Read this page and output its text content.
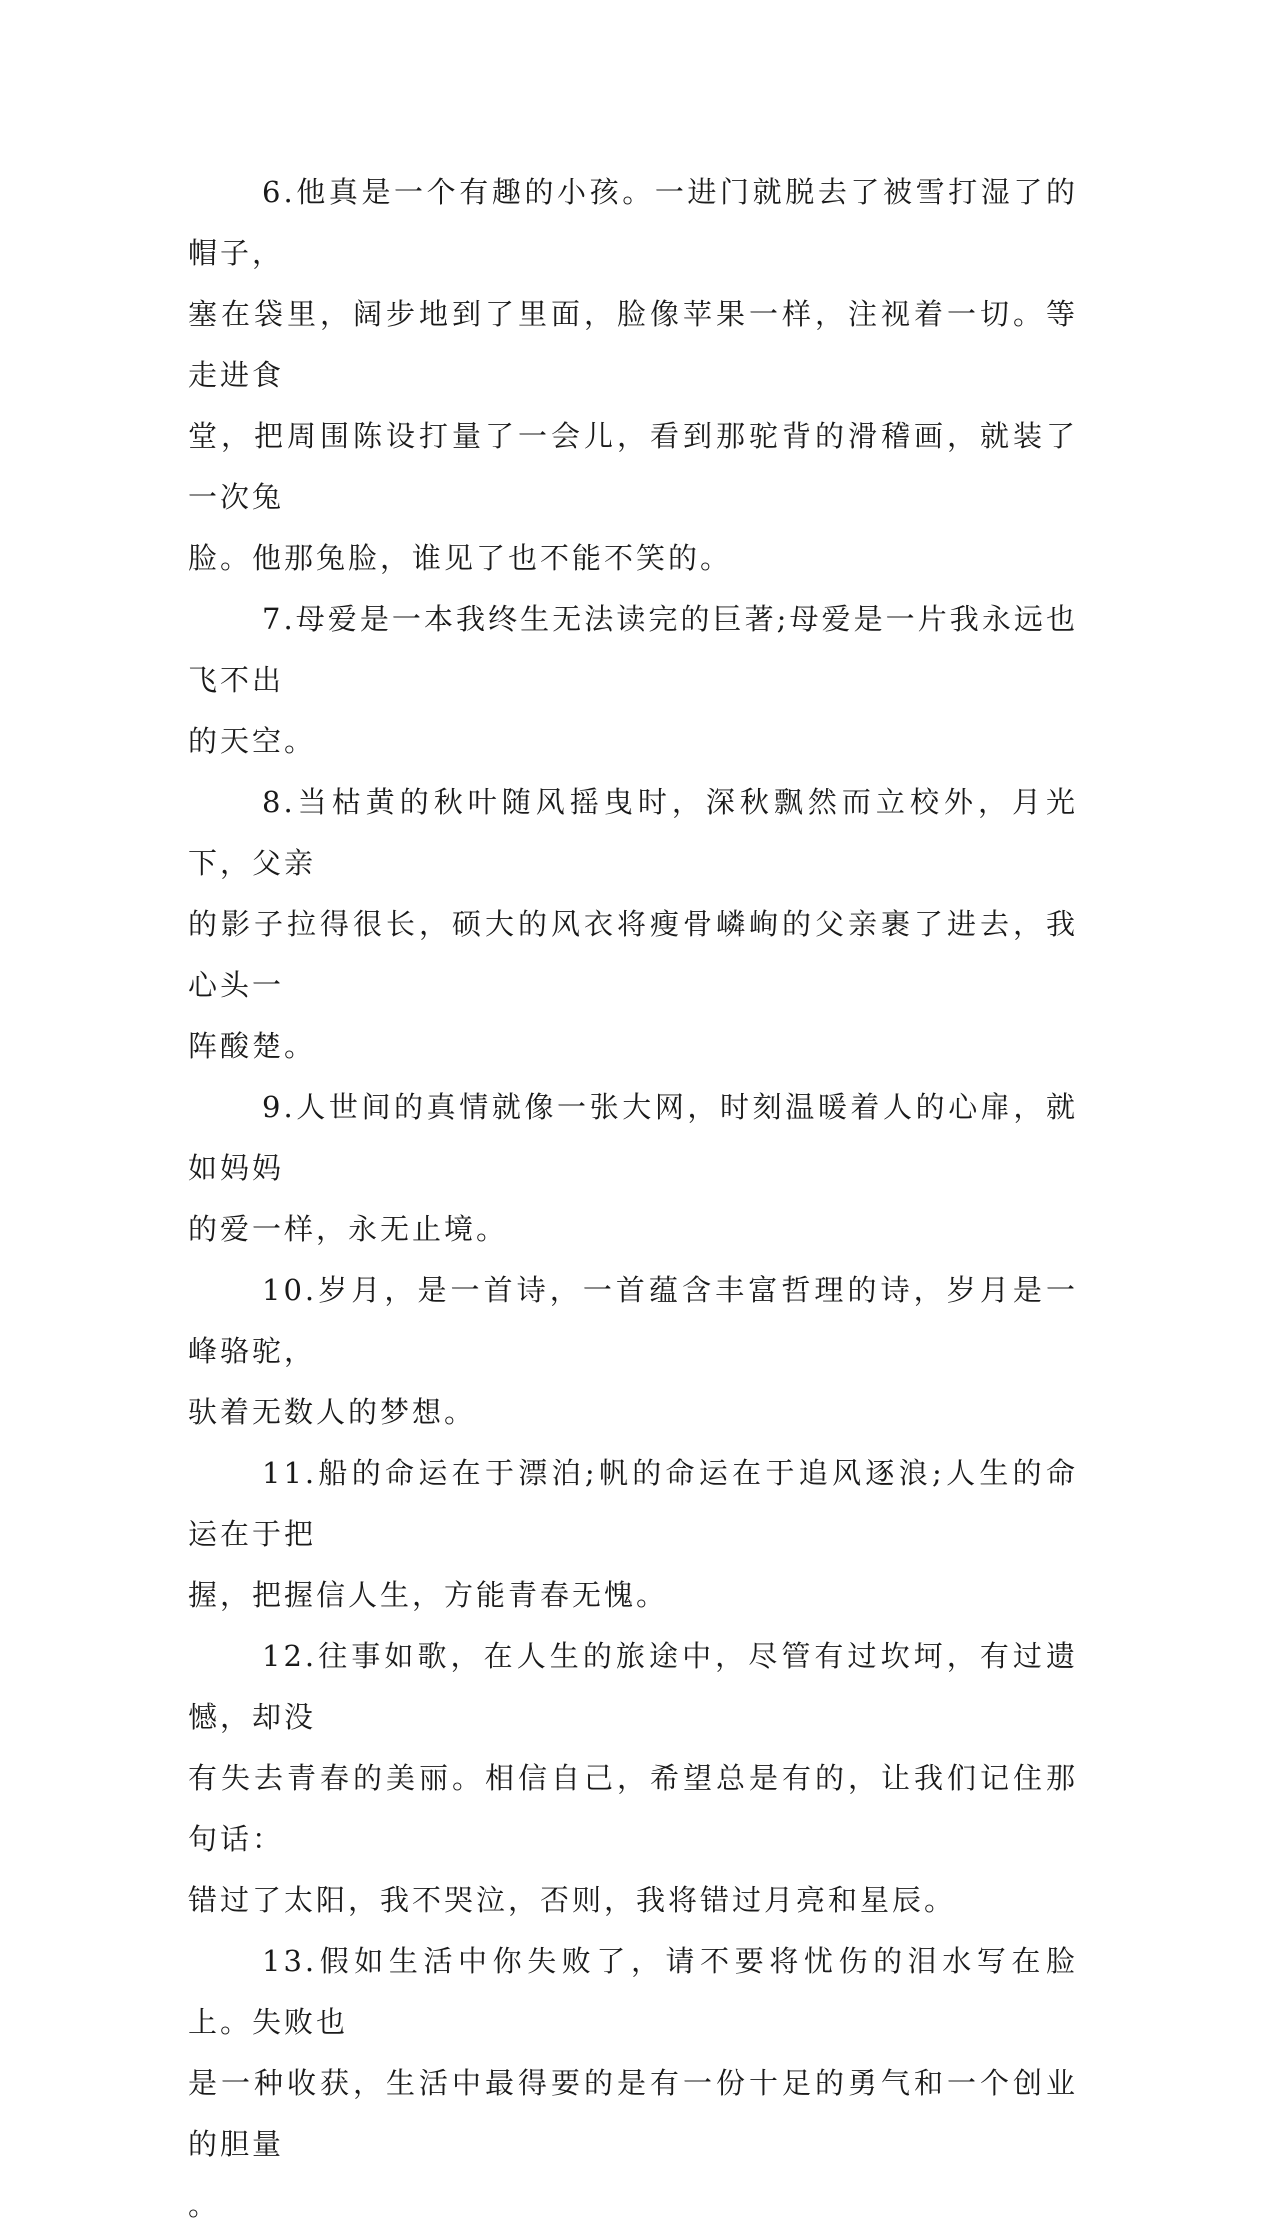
6.他真是一个有趣的小孩。一进门就脱去了被雪打湿了的帽子，
塞在袋里，阔步地到了里面，脸像苹果一样，注视着一切。等走进食
堂，把周围陈设打量了一会儿，看到那驼背的滑稽画，就装了一次兔
脸。他那兔脸，谁见了也不能不笑的。

7.母爱是一本我终生无法读完的巨著;母爱是一片我永远也飞不出
的天空。

8.当枯黄的秋叶随风摇曳时，深秋飘然而立校外，月光下，父亲
的影子拉得很长，硕大的风衣将瘦骨嶙峋的父亲裹了进去，我心头一
阵酸楚。

9.人世间的真情就像一张大网，时刻温暖着人的心扉，就如妈妈
的爱一样，永无止境。

10.岁月，是一首诗，一首蕴含丰富哲理的诗，岁月是一峰骆驼，
驮着无数人的梦想。

11.船的命运在于漂泊;帆的命运在于追风逐浪;人生的命运在于把
握，把握信人生，方能青春无愧。

12.往事如歌，在人生的旅途中，尽管有过坎坷，有过遗憾，却没
有失去青春的美丽。相信自己，希望总是有的，让我们记住那句话：
错过了太阳，我不哭泣，否则，我将错过月亮和星辰。

13.假如生活中你失败了，请不要将忧伤的泪水写在脸上。失败也
是一种收获，生活中最得要的是有一份十足的勇气和一个创业的胆量
。
